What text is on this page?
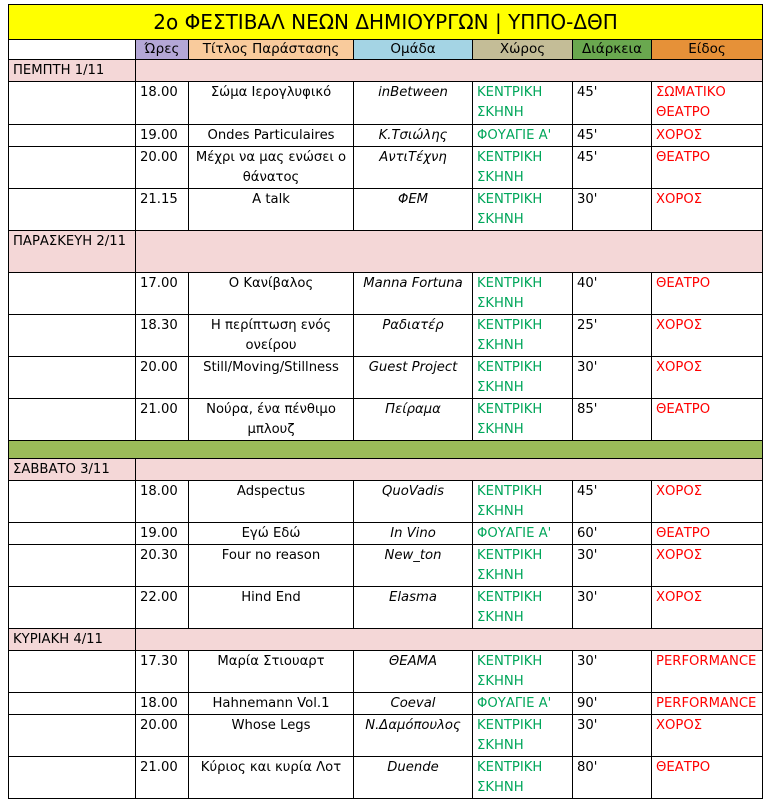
2ο ΦΕΣΤΙΒΑΛ ΝΕΩΝ ΔΗΜΙΟΥΡΓΩΝ | ΥΠΠΟ-ΔΘΠ						
	Ώρες	Τίτλος Παράστασης	Ομάδα	Χώρος	Διάρκεια	Είδος
ΠΕΜΠΤΗ 1/11						
	18.00	Σώμα Ιερογλυφικό	inBetween	ΚΕΝΤΡΙΚΗ ΣΚΗΝΗ	45'	ΣΩΜΑΤΙΚΟ ΘΕΑΤΡΟ
	19.00	Ondes Particulaires	Κ.Τσιώλης	ΦΟΥΑΓΙΕ Α'	45'	ΧΟΡΟΣ
	20.00	Μέχρι να μας ενώσει ο θάνατος	ΑντιΤέχνη	ΚΕΝΤΡΙΚΗ ΣΚΗΝΗ	45'	ΘΕΑΤΡΟ
	21.15	A talk	ΦΕΜ	ΚΕΝΤΡΙΚΗ ΣΚΗΝΗ	30'	ΧΟΡΟΣ
ΠΑΡΑΣΚΕΥΗ 2/11						
	17.00	Ο Κανίβαλος	Manna Fortuna	ΚΕΝΤΡΙΚΗ ΣΚΗΝΗ	40'	ΘΕΑΤΡΟ
	18.30	Η περίπτωση ενός ονείρου	Ραδιατέρ	ΚΕΝΤΡΙΚΗ ΣΚΗΝΗ	25'	ΧΟΡΟΣ
	20.00	Still/Moving/Stillness	Guest Project	ΚΕΝΤΡΙΚΗ ΣΚΗΝΗ	30'	ΧΟΡΟΣ
	21.00	Νούρα, ένα πένθιμο μπλουζ	Πείραμα	ΚΕΝΤΡΙΚΗ ΣΚΗΝΗ	85'	ΘΕΑΤΡΟ

ΣΑΒΒΑΤΟ 3/11						
	18.00	Adspectus	QuoVadis	ΚΕΝΤΡΙΚΗ ΣΚΗΝΗ	45'	ΧΟΡΟΣ
	19.00	Εγώ Εδώ	In Vino	ΦΟΥΑΓΙΕ Α'	60'	ΘΕΑΤΡΟ
	20.30	Four no reason	New_ton	ΚΕΝΤΡΙΚΗ ΣΚΗΝΗ	30'	ΧΟΡΟΣ
	22.00	Hind End	Elasma	ΚΕΝΤΡΙΚΗ ΣΚΗΝΗ	30'	ΧΟΡΟΣ
ΚΥΡΙΑΚΗ 4/11						
	17.30	Μαρία Στιουαρτ	ΘΕΑΜΑ	ΚΕΝΤΡΙΚΗ ΣΚΗΝΗ	30'	PERFORMANCE
	18.00	Hahnemann Vol.1	Coeval	ΦΟΥΑΓΙΕ Α'	90'	PERFORMANCE
	20.00	Whose Legs	Ν.Δαμόπουλος	ΚΕΝΤΡΙΚΗ ΣΚΗΝΗ	30'	ΧΟΡΟΣ
	21.00	Κύριος και κυρία Λοτ	Duende	ΚΕΝΤΡΙΚΗ ΣΚΗΝΗ	80'	ΘΕΑΤΡΟ
